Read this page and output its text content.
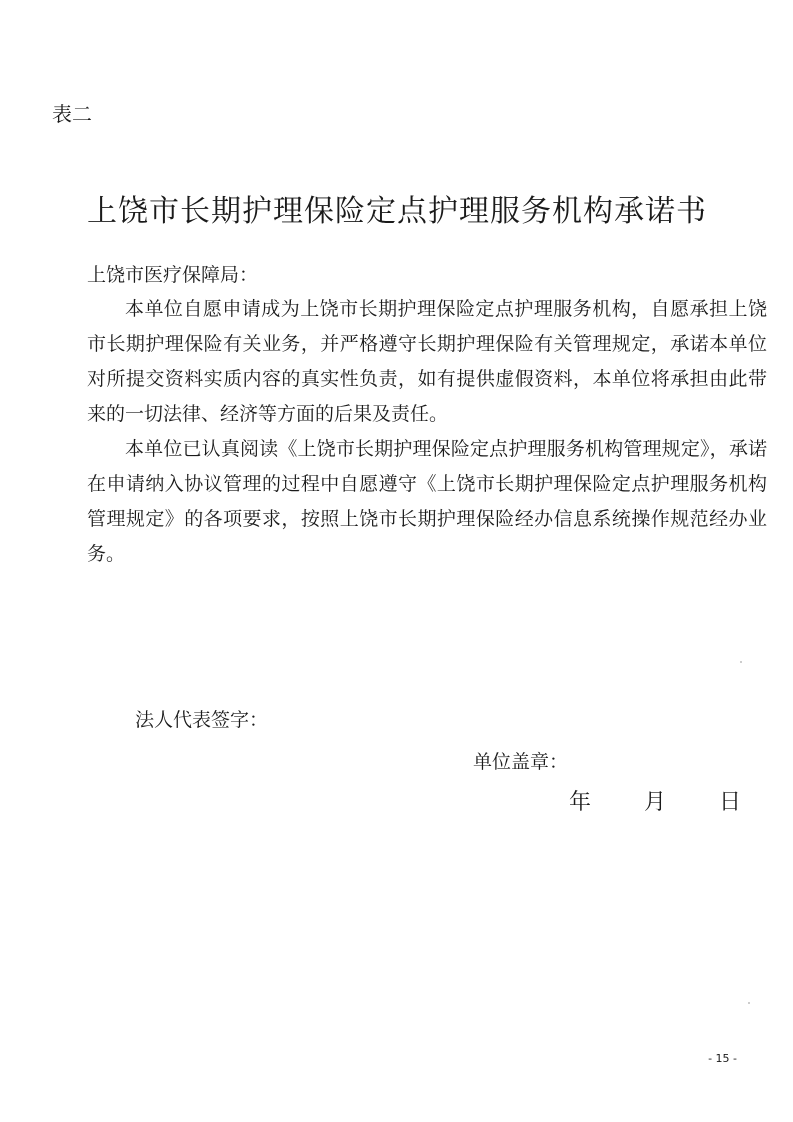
表二
上饶市长期护理保险定点护理服务机构承诺书
上饶市医疗保障局：

本单位自愿申请成为上饶市长期护理保险定点护理服务机构，自愿承担上饶市长期护理保险有关业务，并严格遵守长期护理保险有关管理规定，承诺本单位对所提交资料实质内容的真实性负责，如有提供虚假资料，本单位将承担由此带来的一切法律、经济等方面的后果及责任。

本单位已认真阅读《上饶市长期护理保险定点护理服务机构管理规定》，承诺在申请纳入协议管理的过程中自愿遵守《上饶市长期护理保险定点护理服务机构管理规定》的各项要求，按照上饶市长期护理保险经办信息系统操作规范经办业务。

法人代表签字：
单位盖章：
年 月 日
- 15 -
